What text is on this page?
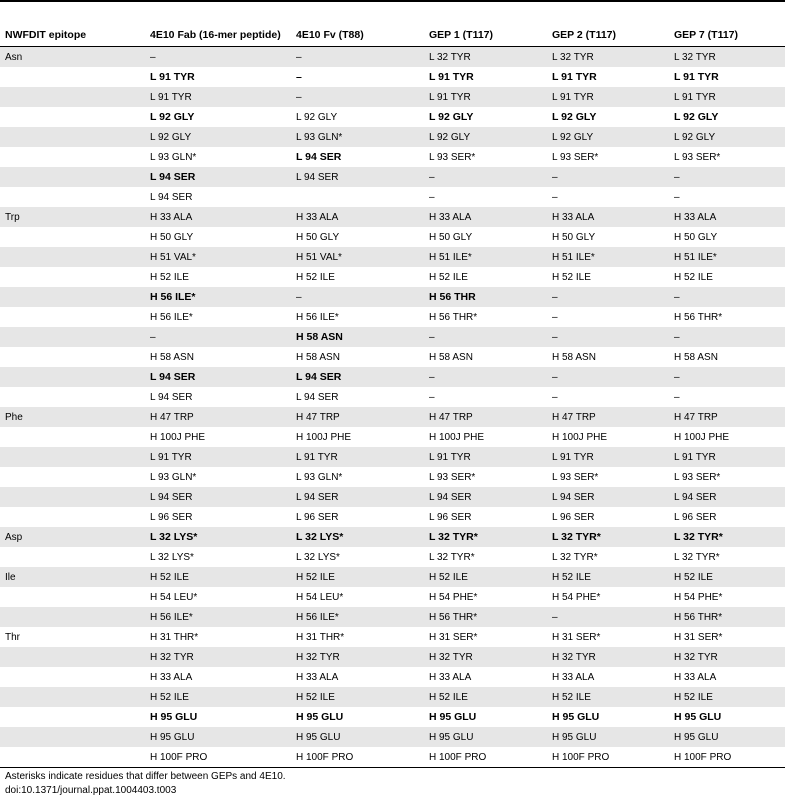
NWFDIT epitope	4E10 Fab (16-mer peptide)	4E10 Fv (T88)	GEP 1 (T117)	GEP 2 (T117)	GEP 7 (T117)
Asn	–	–	L 32 TYR	L 32 TYR	L 32 TYR
	L 91 TYR	–	L 91 TYR	L 91 TYR	L 91 TYR
	L 91 TYR	–	L 91 TYR	L 91 TYR	L 91 TYR
	L 92 GLY	L 92 GLY	L 92 GLY	L 92 GLY	L 92 GLY
	L 92 GLY	L 93 GLN*	L 92 GLY	L 92 GLY	L 92 GLY
	L 93 GLN*	L 94 SER	L 93 SER*	L 93 SER*	L 93 SER*
	L 94 SER	L 94 SER	–	–	–
	L 94 SER		–	–	–
Trp	H 33 ALA	H 33 ALA	H 33 ALA	H 33 ALA	H 33 ALA
	H 50 GLY	H 50 GLY	H 50 GLY	H 50 GLY	H 50 GLY
	H 51 VAL*	H 51 VAL*	H 51 ILE*	H 51 ILE*	H 51 ILE*
	H 52 ILE	H 52 ILE	H 52 ILE	H 52 ILE	H 52 ILE
	H 56 ILE*	–	H 56 THR	–	–
	H 56 ILE*	H 56 ILE*	H 56 THR*	–	H 56 THR*
	–	H 58 ASN	–	–	–
	H 58 ASN	H 58 ASN	H 58 ASN	H 58 ASN	H 58 ASN
	L 94 SER	L 94 SER	–	–	–
	L 94 SER	L 94 SER	–	–	–
Phe	H 47 TRP	H 47 TRP	H 47 TRP	H 47 TRP	H 47 TRP
	H 100J PHE	H 100J PHE	H 100J PHE	H 100J PHE	H 100J PHE
	L 91 TYR	L 91 TYR	L 91 TYR	L 91 TYR	L 91 TYR
	L 93 GLN*	L 93 GLN*	L 93 SER*	L 93 SER*	L 93 SER*
	L 94 SER	L 94 SER	L 94 SER	L 94 SER	L 94 SER
	L 96 SER	L 96 SER	L 96 SER	L 96 SER	L 96 SER
Asp	L 32 LYS*	L 32 LYS*	L 32 TYR*	L 32 TYR*	L 32 TYR*
	L 32 LYS*	L 32 LYS*	L 32 TYR*	L 32 TYR*	L 32 TYR*
Ile	H 52 ILE	H 52 ILE	H 52 ILE	H 52 ILE	H 52 ILE
	H 54 LEU*	H 54 LEU*	H 54 PHE*	H 54 PHE*	H 54 PHE*
	H 56 ILE*	H 56 ILE*	H 56 THR*	–	H 56 THR*
Thr	H 31 THR*	H 31 THR*	H 31 SER*	H 31 SER*	H 31 SER*
	H 32 TYR	H 32 TYR	H 32 TYR	H 32 TYR	H 32 TYR
	H 33 ALA	H 33 ALA	H 33 ALA	H 33 ALA	H 33 ALA
	H 52 ILE	H 52 ILE	H 52 ILE	H 52 ILE	H 52 ILE
	H 95 GLU	H 95 GLU	H 95 GLU	H 95 GLU	H 95 GLU
	H 95 GLU	H 95 GLU	H 95 GLU	H 95 GLU	H 95 GLU
	H 100F PRO	H 100F PRO	H 100F PRO	H 100F PRO	H 100F PRO
Asterisks indicate residues that differ between GEPs and 4E10.
doi:10.1371/journal.ppat.1004403.t003
